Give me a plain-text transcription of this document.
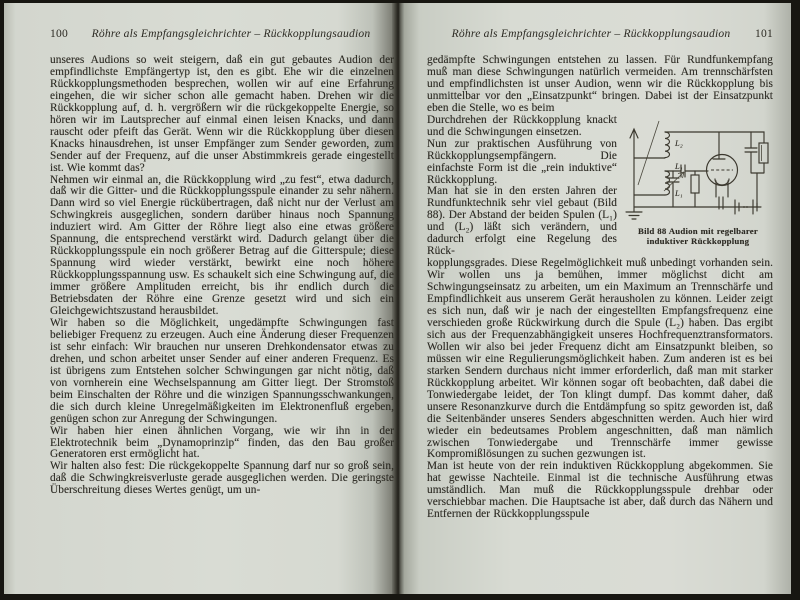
100	Röhre als Empfangsgleichrichter – Rückkopplungsaudion

unseres Audions so weit steigern, daß ein gut gebautes Audion der empfindlichste Empfängertyp ist, den es gibt. Ehe wir die einzelnen Rückkopplungsmethoden besprechen, wollen wir auf eine Erfahrung eingehen, die wir sicher schon alle gemacht haben. Drehen wir die Rückkopplung auf, d. h. vergrößern wir die rückgekoppelte Energie, so hören wir im Lautsprecher auf einmal einen leisen Knacks, und dann rauscht oder pfeift das Gerät. Wenn wir die Rückkopplung über diesen Knacks hinausdrehen, ist unser Empfänger zum Sender geworden, zum Sender auf der Frequenz, auf die unser Abstimmkreis gerade eingestellt ist. Wie kommt das?

Nehmen wir einmal an, die Rückkopplung wird „zu fest“, etwa dadurch, daß wir die Gitter- und die Rückkopplungsspule einander zu sehr nähern. Dann wird so viel Energie rückübertragen, daß nicht nur der Verlust am Schwingkreis ausgeglichen, sondern darüber hinaus noch Spannung induziert wird. Am Gitter der Röhre liegt also eine etwas größere Spannung, die entsprechend verstärkt wird. Dadurch gelangt über die Rückkopplungsspule ein noch größerer Betrag auf die Gitterspule; diese Spannung wird wieder verstärkt, bewirkt eine noch höhere Rückkopplungsspannung usw. Es schaukelt sich eine Schwingung auf, die immer größere Amplituden erreicht, bis ihr endlich durch die Betriebsdaten der Röhre eine Grenze gesetzt wird und sich ein Gleichgewichtszustand herausbildet.

Wir haben so die Möglichkeit, ungedämpfte Schwingungen fast beliebiger Frequenz zu erzeugen. Auch eine Änderung dieser Frequenzen ist sehr einfach: Wir brauchen nur unseren Drehkondensator etwas zu drehen, und schon arbeitet unser Sender auf einer anderen Frequenz. Es ist übrigens zum Entstehen solcher Schwingungen gar nicht nötig, daß von vornherein eine Wechselspannung am Gitter liegt. Der Stromstoß beim Einschalten der Röhre und die winzigen Spannungsschwankungen, die sich durch kleine Unregelmäßigkeiten im Elektronenfluß ergeben, genügen schon zur Anregung der Schwingungen.

Wir haben hier einen ähnlichen Vorgang, wie wir ihn in der Elektrotechnik beim „Dynamoprinzip“ finden, das den Bau großer Generatoren erst ermöglicht hat.

Wir halten also fest: Die rückgekoppelte Spannung darf nur so groß sein, daß die Schwingkreisverluste gerade ausgeglichen werden. Die geringste Überschreitung dieses Wertes genügt, um un-

Röhre als Empfangsgleichrichter – Rückkopplungsaudion	101

gedämpfte Schwingungen entstehen zu lassen. Für Rundfunkempfang muß man diese Schwingungen natürlich vermeiden. Am trennschärfsten und empfindlichsten ist unser Audion, wenn wir die Rückkopplung bis unmittelbar vor den „Einsatzpunkt“ bringen. Dabei ist der Einsatzpunkt eben die Stelle, wo es beim

L₂
L₁
L₁
Bild 88 Audion mit regelbarer
induktiver Rückkopplung

Durchdrehen der Rückkopplung knackt und die Schwingungen einsetzen.

Nun zur praktischen Ausführung von Rückkopplungsempfängern. Die einfachste Form ist die „rein induktive“ Rückkopplung.

Man hat sie in den ersten Jahren der Rundfunktechnik sehr viel gebaut (Bild 88). Der Abstand der beiden Spulen (L₁) und (L₂) läßt sich verändern, und dadurch erfolgt eine Regelung des Rück-

kopplungsgrades. Diese Regelmöglichkeit muß unbedingt vorhanden sein. Wir wollen uns ja bemühen, immer möglichst dicht am Schwingungseinsatz zu arbeiten, um ein Maximum an Trennschärfe und Empfindlichkeit aus unserem Gerät herausholen zu können. Leider zeigt es sich nun, daß wir je nach der eingestellten Empfangsfrequenz eine verschieden große Rückwirkung durch die Spule (L₂) haben. Das ergibt sich aus der Frequenzabhängigkeit unseres Hochfrequenztransformators. Wollen wir also bei jeder Frequenz dicht am Einsatzpunkt bleiben, so müssen wir eine Regulierungsmöglichkeit haben. Zum anderen ist es bei starken Sendern durchaus nicht immer erforderlich, daß man mit starker Rückkopplung arbeitet. Wir können sogar oft beobachten, daß dabei die Tonwiedergabe leidet, der Ton klingt dumpf. Das kommt daher, daß unsere Resonanzkurve durch die Entdämpfung so spitz geworden ist, daß die Seitenbänder unseres Senders abgeschnitten werden. Auch hier wird wieder ein bedeutsames Problem angeschnitten, daß man nämlich zwischen Tonwiedergabe und Trennschärfe immer gewisse Kompromißlösungen zu suchen gezwungen ist.

Man ist heute von der rein induktiven Rückkopplung abgekommen. Sie hat gewisse Nachteile. Einmal ist die technische Ausführung etwas umständlich. Man muß die Rückkopplungsspule drehbar oder verschiebbar machen. Die Hauptsache ist aber, daß durch das Nähern und Entfernen der Rückkopplungsspule
